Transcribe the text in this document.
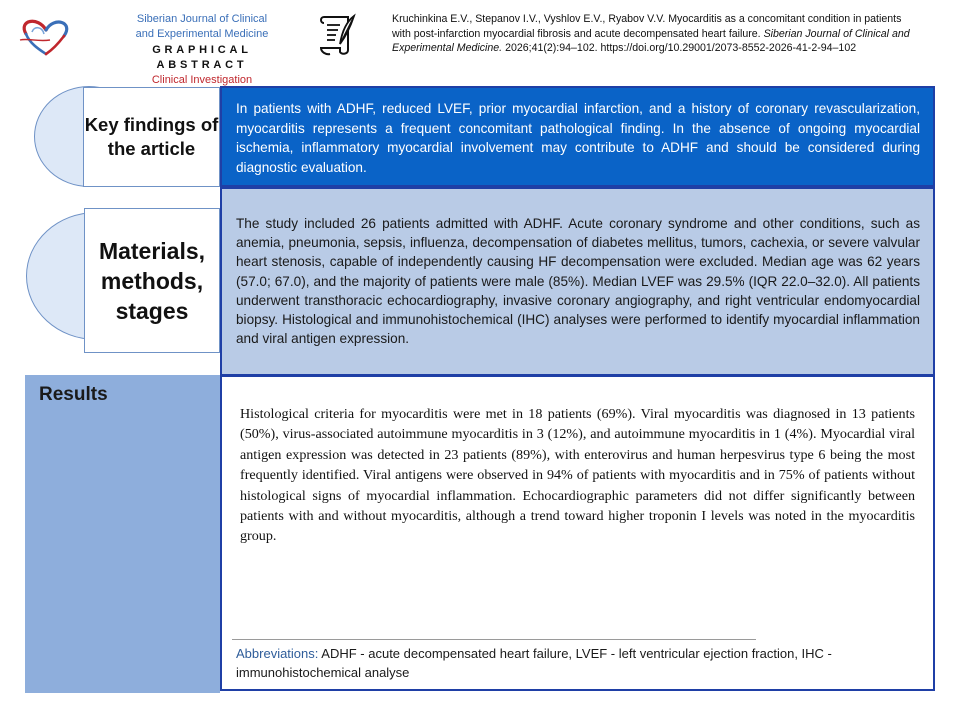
Siberian Journal of Clinical
and Experimental Medicine
GRAPHICAL ABSTRACT
Clinical Investigation
Kruchinkina E.V., Stepanov I.V., Vyshlov E.V., Ryabov V.V. Myocarditis as a concomitant condition in patients with post-infarction myocardial fibrosis and acute decompensated heart failure. Siberian Journal of Clinical and Experimental Medicine. 2026;41(2):94–102. https://doi.org/10.29001/2073-8552-2026-41-2-94–102
Results
Key findings of the article
Materials, methods, stages
In patients with ADHF, reduced LVEF, prior myocardial infarction, and a history of coronary revascularization, myocarditis represents a frequent concomitant pathological finding. In the absence of ongoing myocardial ischemia, inflammatory myocardial involvement may contribute to ADHF and should be considered during diagnostic evaluation.
The study included 26 patients admitted with ADHF. Acute coronary syndrome and other conditions, such as anemia, pneumonia, sepsis, influenza, decompensation of diabetes mellitus, tumors, cachexia, or severe valvular heart stenosis, capable of independently causing HF decompensation were excluded. Median age was 62 years (57.0; 67.0), and the majority of patients were male (85%). Median LVEF was 29.5% (IQR 22.0–32.0). All patients underwent transthoracic echocardiography, invasive coronary angiography, and right ventricular endomyocardial biopsy. Histological and immunohistochemical (IHC) analyses were performed to identify myocardial inflammation and viral antigen expression.
Histological criteria for myocarditis were met in 18 patients (69%). Viral myocarditis was diagnosed in 13 patients (50%), virus-associated autoimmune myocarditis in 3 (12%), and autoimmune myocarditis in 1 (4%). Myocardial viral antigen expression was detected in 23 patients (89%), with enterovirus and human herpesvirus type 6 being the most frequently identified. Viral antigens were observed in 94% of patients with myocarditis and in 75% of patients without histological signs of myocardial inflammation. Echocardiographic parameters did not differ significantly between patients with and without myocarditis, although a trend toward higher troponin I levels was noted in the myocarditis group.
Abbreviations: ADHF - acute decompensated heart failure, LVEF - left ventricular ejection fraction, IHC - immunohistochemical analyse
